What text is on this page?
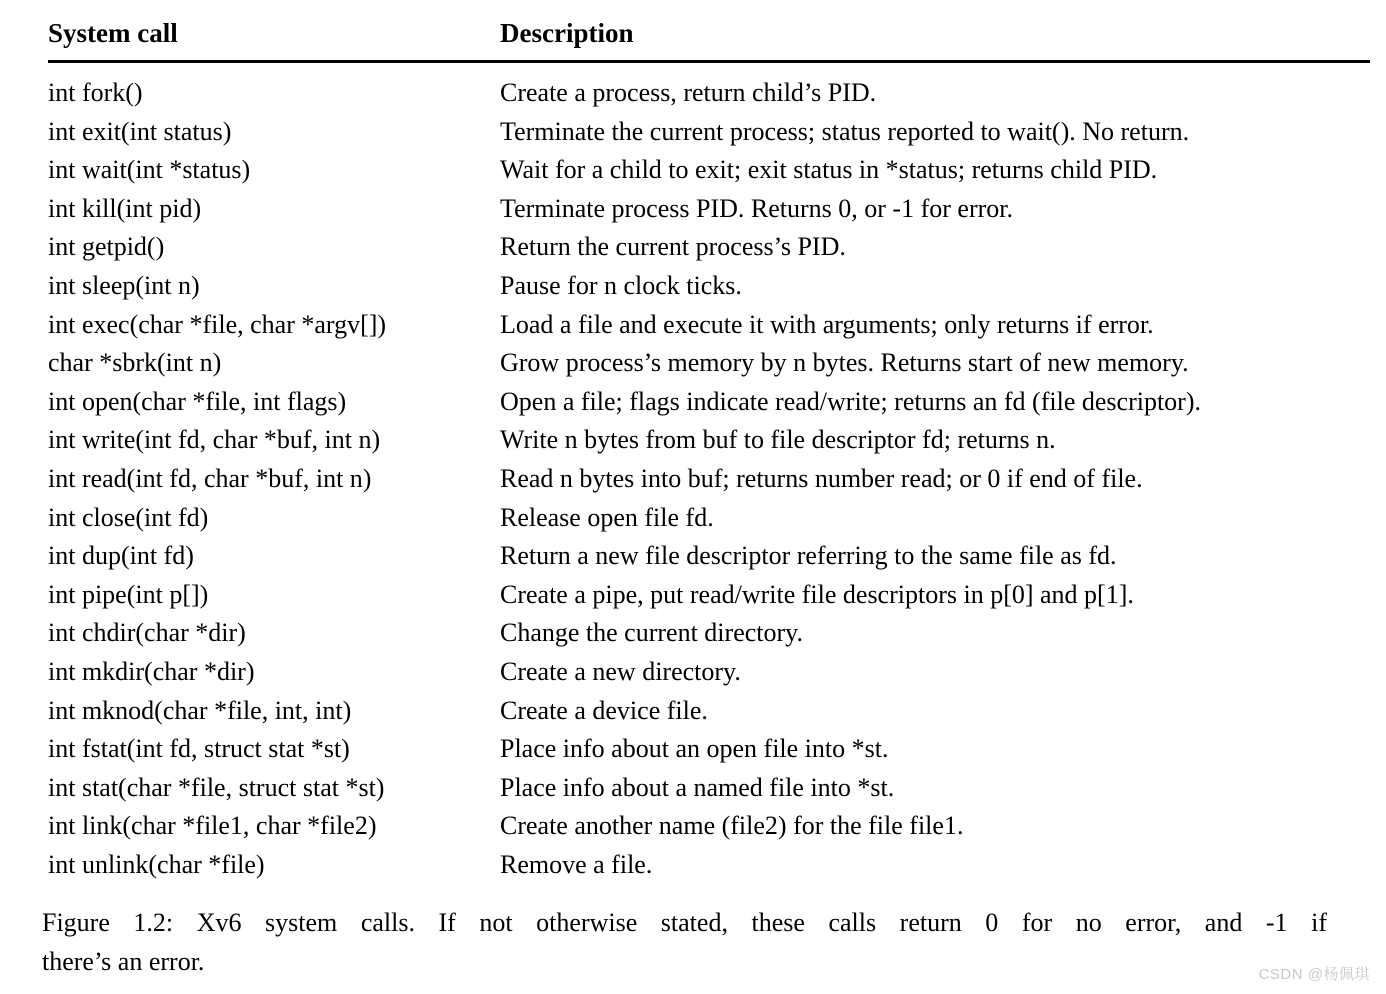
System call	Description
int fork()	Create a process, return child’s PID.
int exit(int status)	Terminate the current process; status reported to wait(). No return.
int wait(int *status)	Wait for a child to exit; exit status in *status; returns child PID.
int kill(int pid)	Terminate process PID. Returns 0, or -1 for error.
int getpid()	Return the current process’s PID.
int sleep(int n)	Pause for n clock ticks.
int exec(char *file, char *argv[])	Load a file and execute it with arguments; only returns if error.
char *sbrk(int n)	Grow process’s memory by n bytes. Returns start of new memory.
int open(char *file, int flags)	Open a file; flags indicate read/write; returns an fd (file descriptor).
int write(int fd, char *buf, int n)	Write n bytes from buf to file descriptor fd; returns n.
int read(int fd, char *buf, int n)	Read n bytes into buf; returns number read; or 0 if end of file.
int close(int fd)	Release open file fd.
int dup(int fd)	Return a new file descriptor referring to the same file as fd.
int pipe(int p[])	Create a pipe, put read/write file descriptors in p[0] and p[1].
int chdir(char *dir)	Change the current directory.
int mkdir(char *dir)	Create a new directory.
int mknod(char *file, int, int)	Create a device file.
int fstat(int fd, struct stat *st)	Place info about an open file into *st.
int stat(char *file, struct stat *st)	Place info about a named file into *st.
int link(char *file1, char *file2)	Create another name (file2) for the file file1.
int unlink(char *file)	Remove a file.
Figure 1.2: Xv6 system calls. If not otherwise stated, these calls return 0 for no error, and -1 if
there’s an error.	CSDN @杨佩琪
